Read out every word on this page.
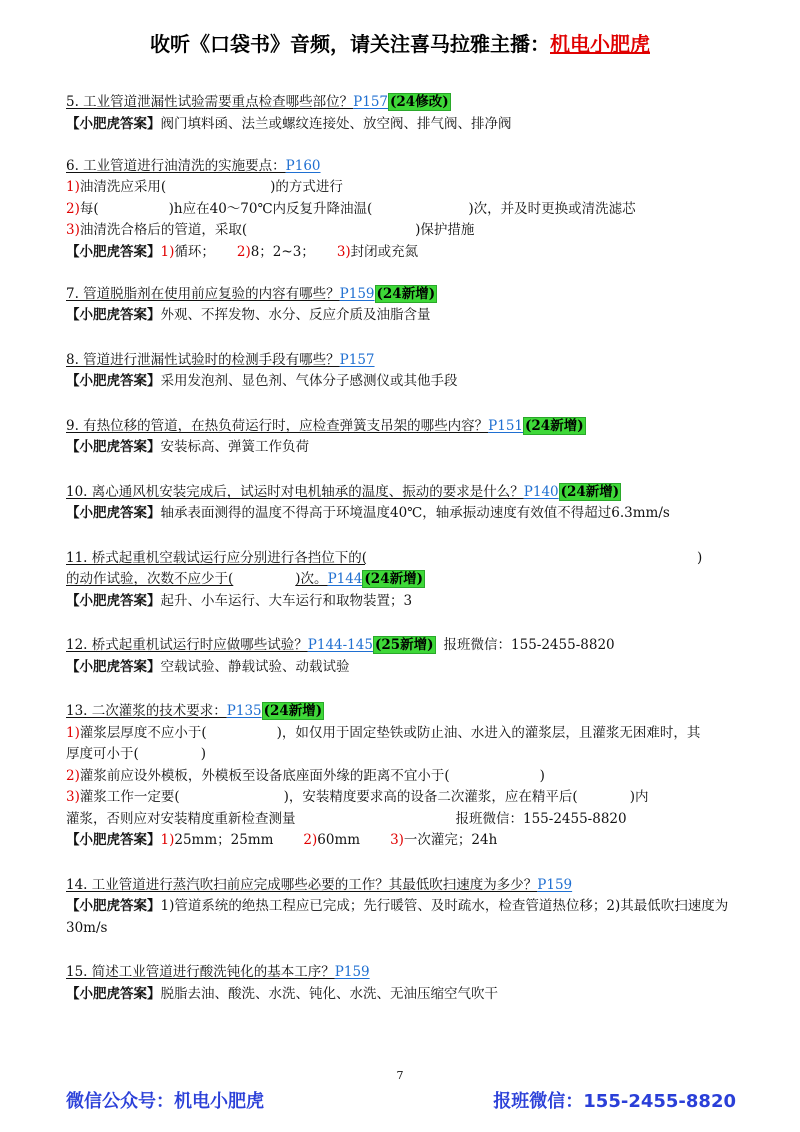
收听《口袋书》音频，请关注喜马拉雅主播：机电小肥虎
5. 工业管道泄漏性试验需要重点检查哪些部位？P157 (24修改)
【小肥虎答案】阀门填料函、法兰或螺纹连接处、放空阀、排气阀、排净阀
6. 工业管道进行油清洗的实施要点：P160
1)油清洗应采用(	)的方式进行
2)每(	)h应在40～70℃内反复升降油温(	)次，并及时更换或清洗滤芯
3)油清洗合格后的管道，采取(	)保护措施
【小肥虎答案】1)循环； 2)8；2~3； 3)封闭或充氮
7. 管道脱脂剂在使用前应复验的内容有哪些？P159 (24新增)
【小肥虎答案】外观、不挥发物、水分、反应介质及油脂含量
8. 管道进行泄漏性试验时的检测手段有哪些？P157
【小肥虎答案】采用发泡剂、显色剂、气体分子感测仪或其他手段
9. 有热位移的管道，在热负荷运行时，应检查弹簧支吊架的哪些内容？P151 (24新增)
【小肥虎答案】安装标高、弹簧工作负荷
10. 离心通风机安装完成后，试运时对电机轴承的温度、振动的要求是什么？P140 (24新增)
【小肥虎答案】轴承表面测得的温度不得高于环境温度40℃，轴承振动速度有效值不得超过6.3mm/s
11. 桥式起重机空载试运行应分别进行各挡位下的(	)
的动作试验，次数不应少于(	)次。P144 (24新增)
【小肥虎答案】起升、小车运行、大车运行和取物装置；3
12. 桥式起重机试运行时应做哪些试验？P144-145 (25新增) 报班微信：155-2455-8820
【小肥虎答案】空载试验、静载试验、动载试验
13. 二次灌浆的技术要求：P135 (24新增)
1)灌浆层厚度不应小于(	)，如仅用于固定垫铁或防止油、水进入的灌浆层，且灌浆无困难时，其
厚度可小于(	)
2)灌浆前应设外模板，外模板至设备底座面外缘的距离不宜小于(	)
3)灌浆工作一定要(	)，安装精度要求高的设备二次灌浆，应在精平后(	)内
灌浆，否则应对安装精度重新检查测量	报班微信：155-2455-8820
【小肥虎答案】1)25mm；25mm 2)60mm 3)一次灌完；24h
14. 工业管道进行蒸汽吹扫前应完成哪些必要的工作？其最低吹扫速度为多少？P159
【小肥虎答案】1)管道系统的绝热工程应已完成；先行暖管、及时疏水，检查管道热位移；2)其最低吹扫速度为30m/s
15. 简述工业管道进行酸洗钝化的基本工序？P159
【小肥虎答案】脱脂去油、酸洗、水洗、钝化、水洗、无油压缩空气吹干
7
微信公众号：机电小肥虎	报班微信：155-2455-8820
